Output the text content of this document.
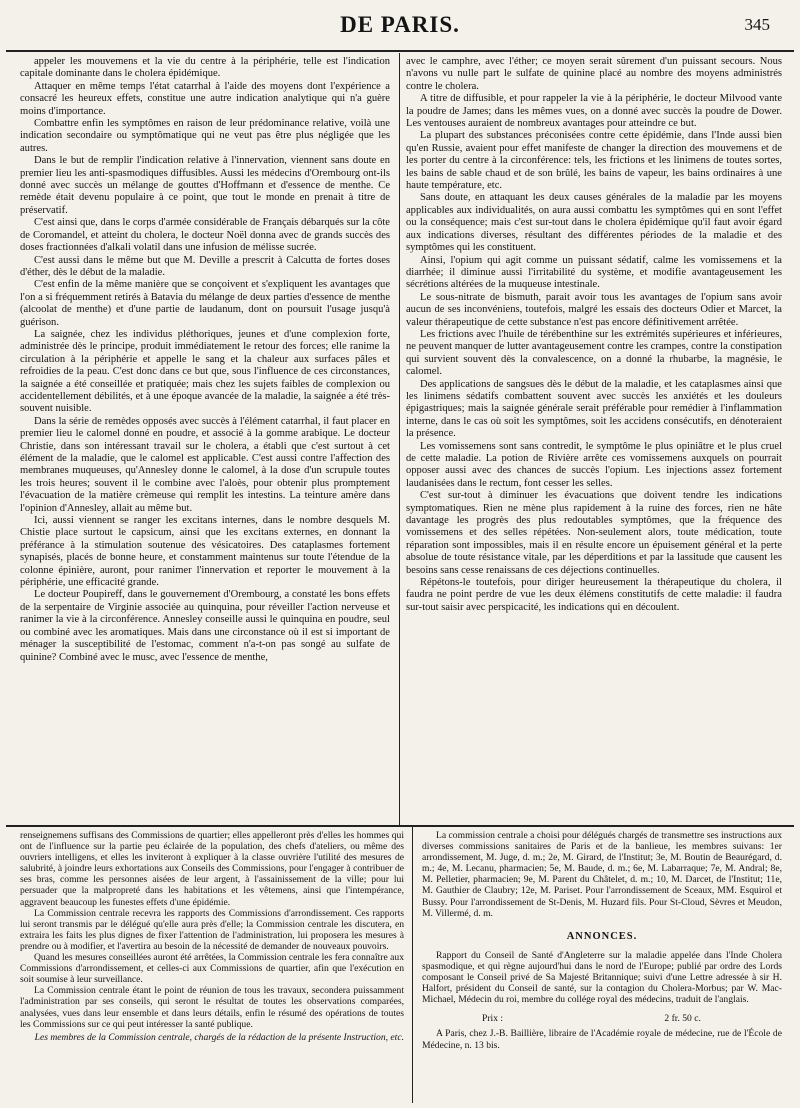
DE PARIS.	345

appeler les mouvemens et la vie du centre à la périphérie, telle est l'indication capitale dominante dans le cholera épidémique.

Attaquer en même temps l'état catarrhal à l'aide des moyens dont l'expérience a consacré les heureux effets, constitue une autre indication analytique qui n'a guère moins d'importance.

Combattre enfin les symptômes en raison de leur prédominance relative, voilà une indication secondaire ou symptômatique qui ne veut pas être plus négligée que les autres.

Dans le but de remplir l'indication relative à l'innervation, viennent sans doute en premier lieu les anti-spasmodiques diffusibles. Aussi les médecins d'Orembourg ont-ils donné avec succès un mélange de gouttes d'Hoffmann et d'essence de menthe. Ce remède était devenu populaire à ce point, que tout le monde en prenait à titre de préservatif.

C'est ainsi que, dans le corps d'armée considérable de Français débarqués sur la côte de Coromandel, et atteint du cholera, le docteur Noël donna avec de grands succès des doses fractionnées d'alkali volatil dans une infusion de mélisse sucrée.

C'est aussi dans le même but que M. Deville a prescrit à Calcutta de fortes doses d'éther, dès le début de la maladie.

C'est enfin de la même manière que se conçoivent et s'expliquent les avantages que l'on a si fréquemment retirés à Batavia du mélange de deux parties d'essence de menthe (alcoolat de menthe) et d'une partie de laudanum, dont on poursuit l'usage jusqu'à guérison.

La saignée, chez les individus pléthoriques, jeunes et d'une complexion forte, administrée dès le principe, produit immédiatement le retour des forces; elle ranime la circulation à la périphérie et appelle le sang et la chaleur aux surfaces pâles et refroidies de la peau. C'est donc dans ce but que, sous l'influence de ces circonstances, la saignée a été conseillée et pratiquée; mais chez les sujets faibles de complexion ou accidentellement débilités, et à une époque avancée de la maladie, la saignée a été très-souvent nuisible.

Dans la série de remèdes opposés avec succès à l'élément catarrhal, il faut placer en premier lieu le calomel donné en poudre, et associé à la gomme arabique. Le docteur Christie, dans son intéressant travail sur le cholera, a établi que c'est surtout à cet élément de la maladie, que le calomel est applicable. C'est aussi contre l'affection des membranes muqueuses, qu'Annesley donne le calomel, à la dose d'un scrupule toutes les trois heures; souvent il le combine avec l'aloès, pour obtenir plus promptement l'évacuation de la matière crèmeuse qui remplit les intestins. La teinture amère dans l'opinion d'Annesley, allait au même but.

Ici, aussi viennent se ranger les excitans internes, dans le nombre desquels M. Chistie place surtout le capsicum, ainsi que les excitans externes, en donnant la préférance à la stimulation soutenue des vésicatoires. Des cataplasmes fortement synapisés, placés de bonne heure, et constamment maintenus sur toute l'étendue de la colonne épinière, auront, pour ranimer l'innervation et reporter le mouvement à la périphérie, une efficacité grande.

Le docteur Poupireff, dans le gouvernement d'Orembourg, a constaté les bons effets de la serpentaire de Virginie associée au quinquina, pour réveiller l'action nerveuse et ranimer la vie à la circonférence. Annesley conseille aussi le quinquina en poudre, seul ou combiné avec les aromatiques. Mais dans une circonstance où il est si important de ménager la susceptibilité de l'estomac, comment n'a-t-on pas songé au sulfate de quinine? Combiné avec le musc, avec l'essence de menthe,

avec le camphre, avec l'éther; ce moyen serait sûrement d'un puissant secours. Nous n'avons vu nulle part le sulfate de quinine placé au nombre des moyens administrés contre le cholera.

A titre de diffusible, et pour rappeler la vie à la périphérie, le docteur Milvood vante la poudre de James; dans les mêmes vues, on a donné avec succès la poudre de Dower. Les ventouses auraient de nombreux avantages pour atteindre ce but.

La plupart des substances préconisées contre cette épidémie, dans l'Inde aussi bien qu'en Russie, avaient pour effet manifeste de changer la direction des mouvemens et de les porter du centre à la circonférence: tels, les frictions et les linimens de toutes sortes, les bains de sable chaud et de son brûlé, les bains de vapeur, les bains ordinaires à une haute température, etc.

Sans doute, en attaquant les deux causes générales de la maladie par les moyens applicables aux individualités, on aura aussi combattu les symptômes qui en sont l'effet ou la conséquence; mais c'est sur-tout dans le cholera épidémique qu'il faut avoir égard aux indications diverses, résultant des différentes périodes de la maladie et des symptômes qui les constituent.

Ainsi, l'opium qui agit comme un puissant sédatif, calme les vomissemens et la diarrhée; il diminue aussi l'irritabilité du système, et modifie avantageusement les sécrétions altérées de la muqueuse intestinale.

Le sous-nitrate de bismuth, parait avoir tous les avantages de l'opium sans avoir aucun de ses inconvéniens, toutefois, malgré les essais des docteurs Odier et Marcet, la valeur thérapeutique de cette substance n'est pas encore définitivement arrêtée.

Les frictions avec l'huile de térébenthine sur les extrémités supérieures et inférieures, ne peuvent manquer de lutter avantageusement contre les crampes, contre la constipation qui survient souvent dès la convalescence, on a donné la rhubarbe, la magnésie, le calomel.

Des applications de sangsues dès le début de la maladie, et les cataplasmes ainsi que les linimens sédatifs combattent souvent avec succès les anxiétés et les douleurs épigastriques; mais la saignée générale serait préférable pour remédier à l'inflammation interne, dans le cas où soit les symptômes, soit les accidens consécutifs, en dénoteraient la présence.

Les vomissemens sont sans contredit, le symptôme le plus opiniâtre et le plus cruel de cette maladie. La potion de Rivière arrête ces vomissemens auxquels on pourrait opposer aussi avec des chances de succès l'opium. Les injections assez fortement laudanisées dans le rectum, font cesser les selles.

C'est sur-tout à diminuer les évacuations que doivent tendre les indications symptomatiques. Rien ne mène plus rapidement à la ruine des forces, rien ne hâte davantage les progrès des plus redoutables symptômes, que la fréquence des vomissemens et des selles répétées. Non-seulement alors, toute médication, toute réparation sont impossibles, mais il en résulte encore un épuisement général et la perte absolue de toute résistance vitale, par les déperditions et par la lassitude que causent les besoins sans cesse renaissans de ces déjections continuelles.

Répétons-le toutefois, pour diriger heureusement la thérapeutique du cholera, il faudra ne point perdre de vue les deux élémens constitutifs de cette maladie: il faudra sur-tout saisir avec perspicacité, les indications qui en découlent.

renseignemens suffisans des Commissions de quartier; elles appelleront près d'elles les hommes qui ont de l'influence sur la partie peu éclairée de la population, des chefs d'ateliers, ou même des ouvriers intelligens, et elles les inviteront à expliquer à la classe ouvrière l'utilité des mesures de salubrité, à joindre leurs exhortations aux Conseils des Commissions, pour l'engager à contribuer de ses bras, comme les personnes aisées de leur argent, à l'assainissement de la ville; pour lui persuader que la malpropreté dans les habitations et les vêtemens, ainsi que l'intempérance, aggravent beaucoup les funestes effets d'une épidémie.

La Commission centrale recevra les rapports des Commissions d'arrondissement. Ces rapports lui seront transmis par le délégué qu'elle aura près d'elle; la Commission centrale les discutera, en extraira les faits les plus dignes de fixer l'attention de l'administration, lui proposera les mesures à prendre ou à modifier, et l'avertira au besoin de la nécessité de demander de nouveaux pouvoirs.

Quand les mesures conseillées auront été arrêtées, la Commission centrale les fera connaître aux Commissions d'arrondissement, et celles-ci aux Commissions de quartier, afin que l'exécution en soit soumise à leur surveillance.

La Commission centrale étant le point de réunion de tous les travaux, secondera puissamment l'administration par ses conseils, qui seront le résultat de toutes les observations comparées, analysées, vues dans leur ensemble et dans leurs détails, enfin le résumé des opérations de toutes les Commissions sur ce qui peut intéresser la santé publique.

Les membres de la Commission centrale, chargés de la rédaction de la présente Instruction, etc.

La commission centrale a choisi pour délégués chargés de transmettre ses instructions aux diverses commissions sanitaires de Paris et de la banlieue, les membres suivans: 1er arrondissement, M. Juge, d. m.; 2e, M. Girard, de l'Institut; 3e, M. Boutin de Beaurégard, d. m.; 4e, M. Lecanu, pharmacien; 5e, M. Baude, d. m.; 6e, M. Labarraque; 7e, M. Andral; 8e, M. Pelletier, pharmacien; 9e, M. Parent du Châtelet, d. m.; 10, M. Darcet, de l'Institut; 11e, M. Gauthier de Claubry; 12e, M. Pariset. Pour l'arrondissement de Sceaux, MM. Esquirol et Bussy. Pour l'arrondissement de St-Denis, M. Huzard fils. Pour St-Cloud, Sèvres et Meudon, M. Villermé, d. m.

ANNONCES.

Rapport du Conseil de Santé d'Angleterre sur la maladie appelée dans l'Inde Cholera spasmodique, et qui règne aujourd'hui dans le nord de l'Europe; publié par ordre des Lords composant le Conseil privé de Sa Majesté Britannique; suivi d'une Lettre adressée à sir H. Halfort, président du Conseil de santé, sur la contagion du Cholera-Morbus; par W. Mac-Michael, Médecin du roi, membre du collége royal des médecins, traduit de l'anglais.

Prix :	2 fr. 50 c.

A Paris, chez J.-B. Baillière, libraire de l'Académie royale de médecine, rue de l'École de Médecine, n. 13 bis.
